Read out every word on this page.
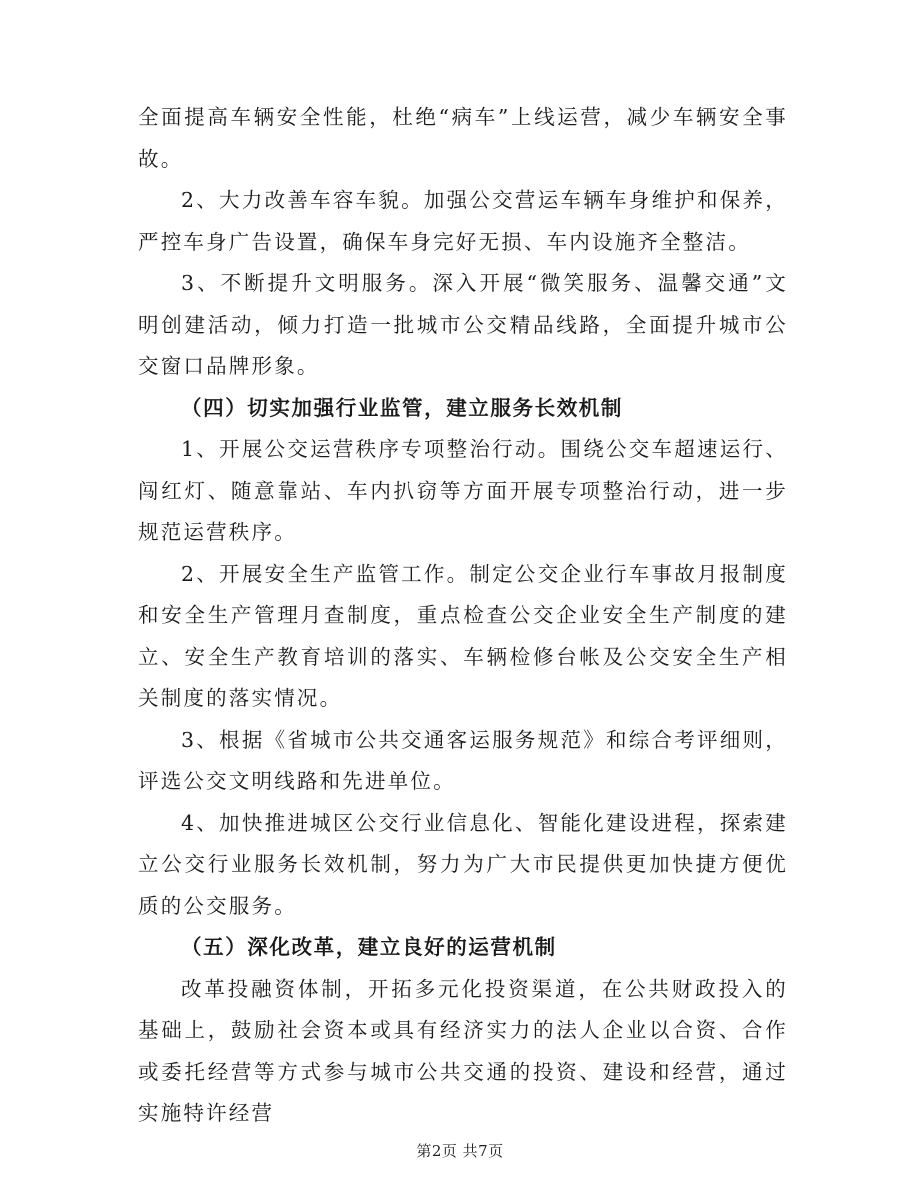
全面提高车辆安全性能，杜绝“病车”上线运营，减少车辆安全事故。

2、大力改善车容车貌。加强公交营运车辆车身维护和保养，严控车身广告设置，确保车身完好无损、车内设施齐全整洁。

3、不断提升文明服务。深入开展“微笑服务、温馨交通”文明创建活动，倾力打造一批城市公交精品线路，全面提升城市公交窗口品牌形象。

（四）切实加强行业监管，建立服务长效机制

1、开展公交运营秩序专项整治行动。围绕公交车超速运行、闯红灯、随意靠站、车内扒窃等方面开展专项整治行动，进一步规范运营秩序。

2、开展安全生产监管工作。制定公交企业行车事故月报制度和安全生产管理月查制度，重点检查公交企业安全生产制度的建立、安全生产教育培训的落实、车辆检修台帐及公交安全生产相关制度的落实情况。

3、根据《省城市公共交通客运服务规范》和综合考评细则，评选公交文明线路和先进单位。

4、加快推进城区公交行业信息化、智能化建设进程，探索建立公交行业服务长效机制，努力为广大市民提供更加快捷方便优质的公交服务。

（五）深化改革，建立良好的运营机制

改革投融资体制，开拓多元化投资渠道，在公共财政投入的基础上，鼓励社会资本或具有经济实力的法人企业以合资、合作或委托经营等方式参与城市公共交通的投资、建设和经营，通过实施特许经营

第2页 共7页
